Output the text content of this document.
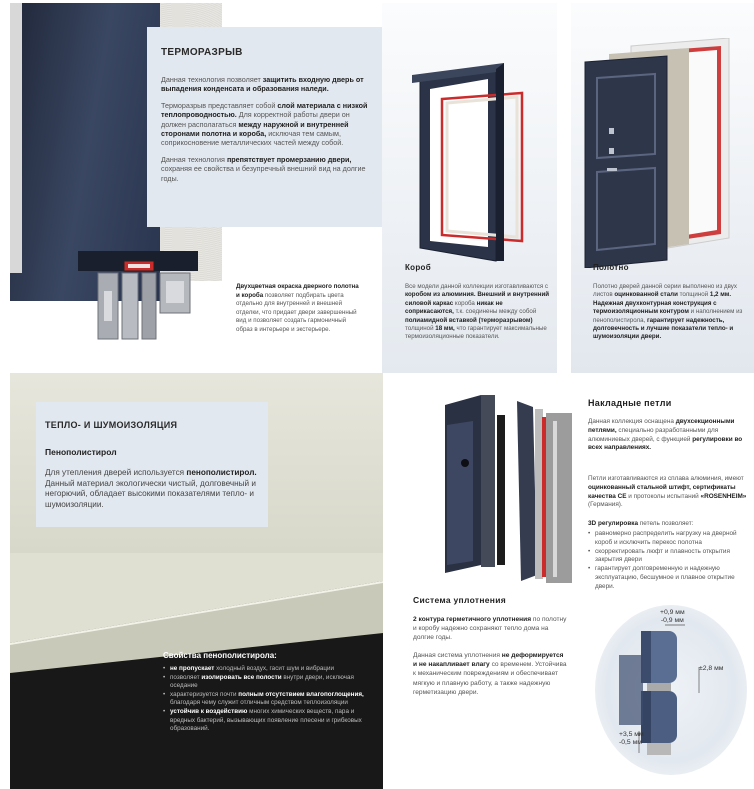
ТЕРМОРАЗРЫВ
Данная технология позволяет защитить входную дверь от выпадения конденсата и образования наледи.
Терморазрыв представляет собой слой материала с низкой теплопроводностью. Для корректной работы двери он должен располагаться между наружной и внутренней сторонами полотна и короба, исключая тем самым, соприкосновение металлических частей между собой.
Данная технология препятствует промерзанию двери, сохраняя ее свойства и безупречный внешний вид на долгие годы.
Двухцветная окраска дверного полотна и короба позволяет подбирать цвета отдельно для внутренней и внешней отделки, что придает двери завершенный вид и позволяет создать гармоничный образ в интерьере и экстерьере.
Короб
Все модели данной коллекции изготавливаются с коробом из алюминия. Внешний и внутренний силовой каркас короба никак не соприкасаются, т.к. соединены между собой полиамидной вставкой (терморазрывом) толщиной 18 мм, что гарантирует максимальные термоизоляционные показатели.
Полотно
Полотно дверей данной серии выполнено из двух листов оцинкованной стали толщиной 1,2 мм. Надежная двухконтурная конструкция с термоизоляционным контуром и наполнением из пенополистирола, гарантирует надежность, долговечность и лучшие показатели тепло- и шумоизоляции двери.
ТЕПЛО- И ШУМОИЗОЛЯЦИЯ
Пенополистирол
Для утепления дверей используется пенополистирол. Данный материал экологически чистый, долговечный и негорючий, обладает высокими показателями тепло- и шумоизоляции.
Свойства пенополистирола:
• не пропускает холодный воздух, гасит шум и вибрации
• позволяет изолировать все полости внутри двери, исключая оседание
• характеризуется почти полным отсутствием влагопоглощения, благодаря чему служит отличным средством теплоизоляции
• устойчив к воздействию многих химических веществ, пара и вредных бактерий, вызывающих появление плесени и грибковых образований.
Система уплотнения
2 контура герметичного уплотнения по полотну и коробу надежно сохраняют тепло дома на долгие годы.
Данная система уплотнения не деформируется и не накапливает влагу со временем. Устойчива к механическим повреждениям и обеспечивает мягкую и плавную работу, а также надежную герметизацию двери.
Накладные петли
Данная коллекция оснащена двухсекционными петлями, специально разработанными для алюминиевых дверей, с функцией регулировки во всех направлениях.
Петли изготавливаются из сплава алюминия, имеют оцинкованный стальной штифт, сертификаты качества CE и протоколы испытаний «ROSENHEIM» (Германия).
3D регулировка петель позволяет:
• равномерно распределить нагрузку на дверной короб и исключить перекос полотна
• скорректировать люфт и плавность открытия закрытия двери
• гарантирует долговременную и надежную эксплуатацию, бесшумное и плавное открытие двери.
+0,9 мм
-0,9 мм
±2,8 мм
+3,5 мм
-0,5 мм
